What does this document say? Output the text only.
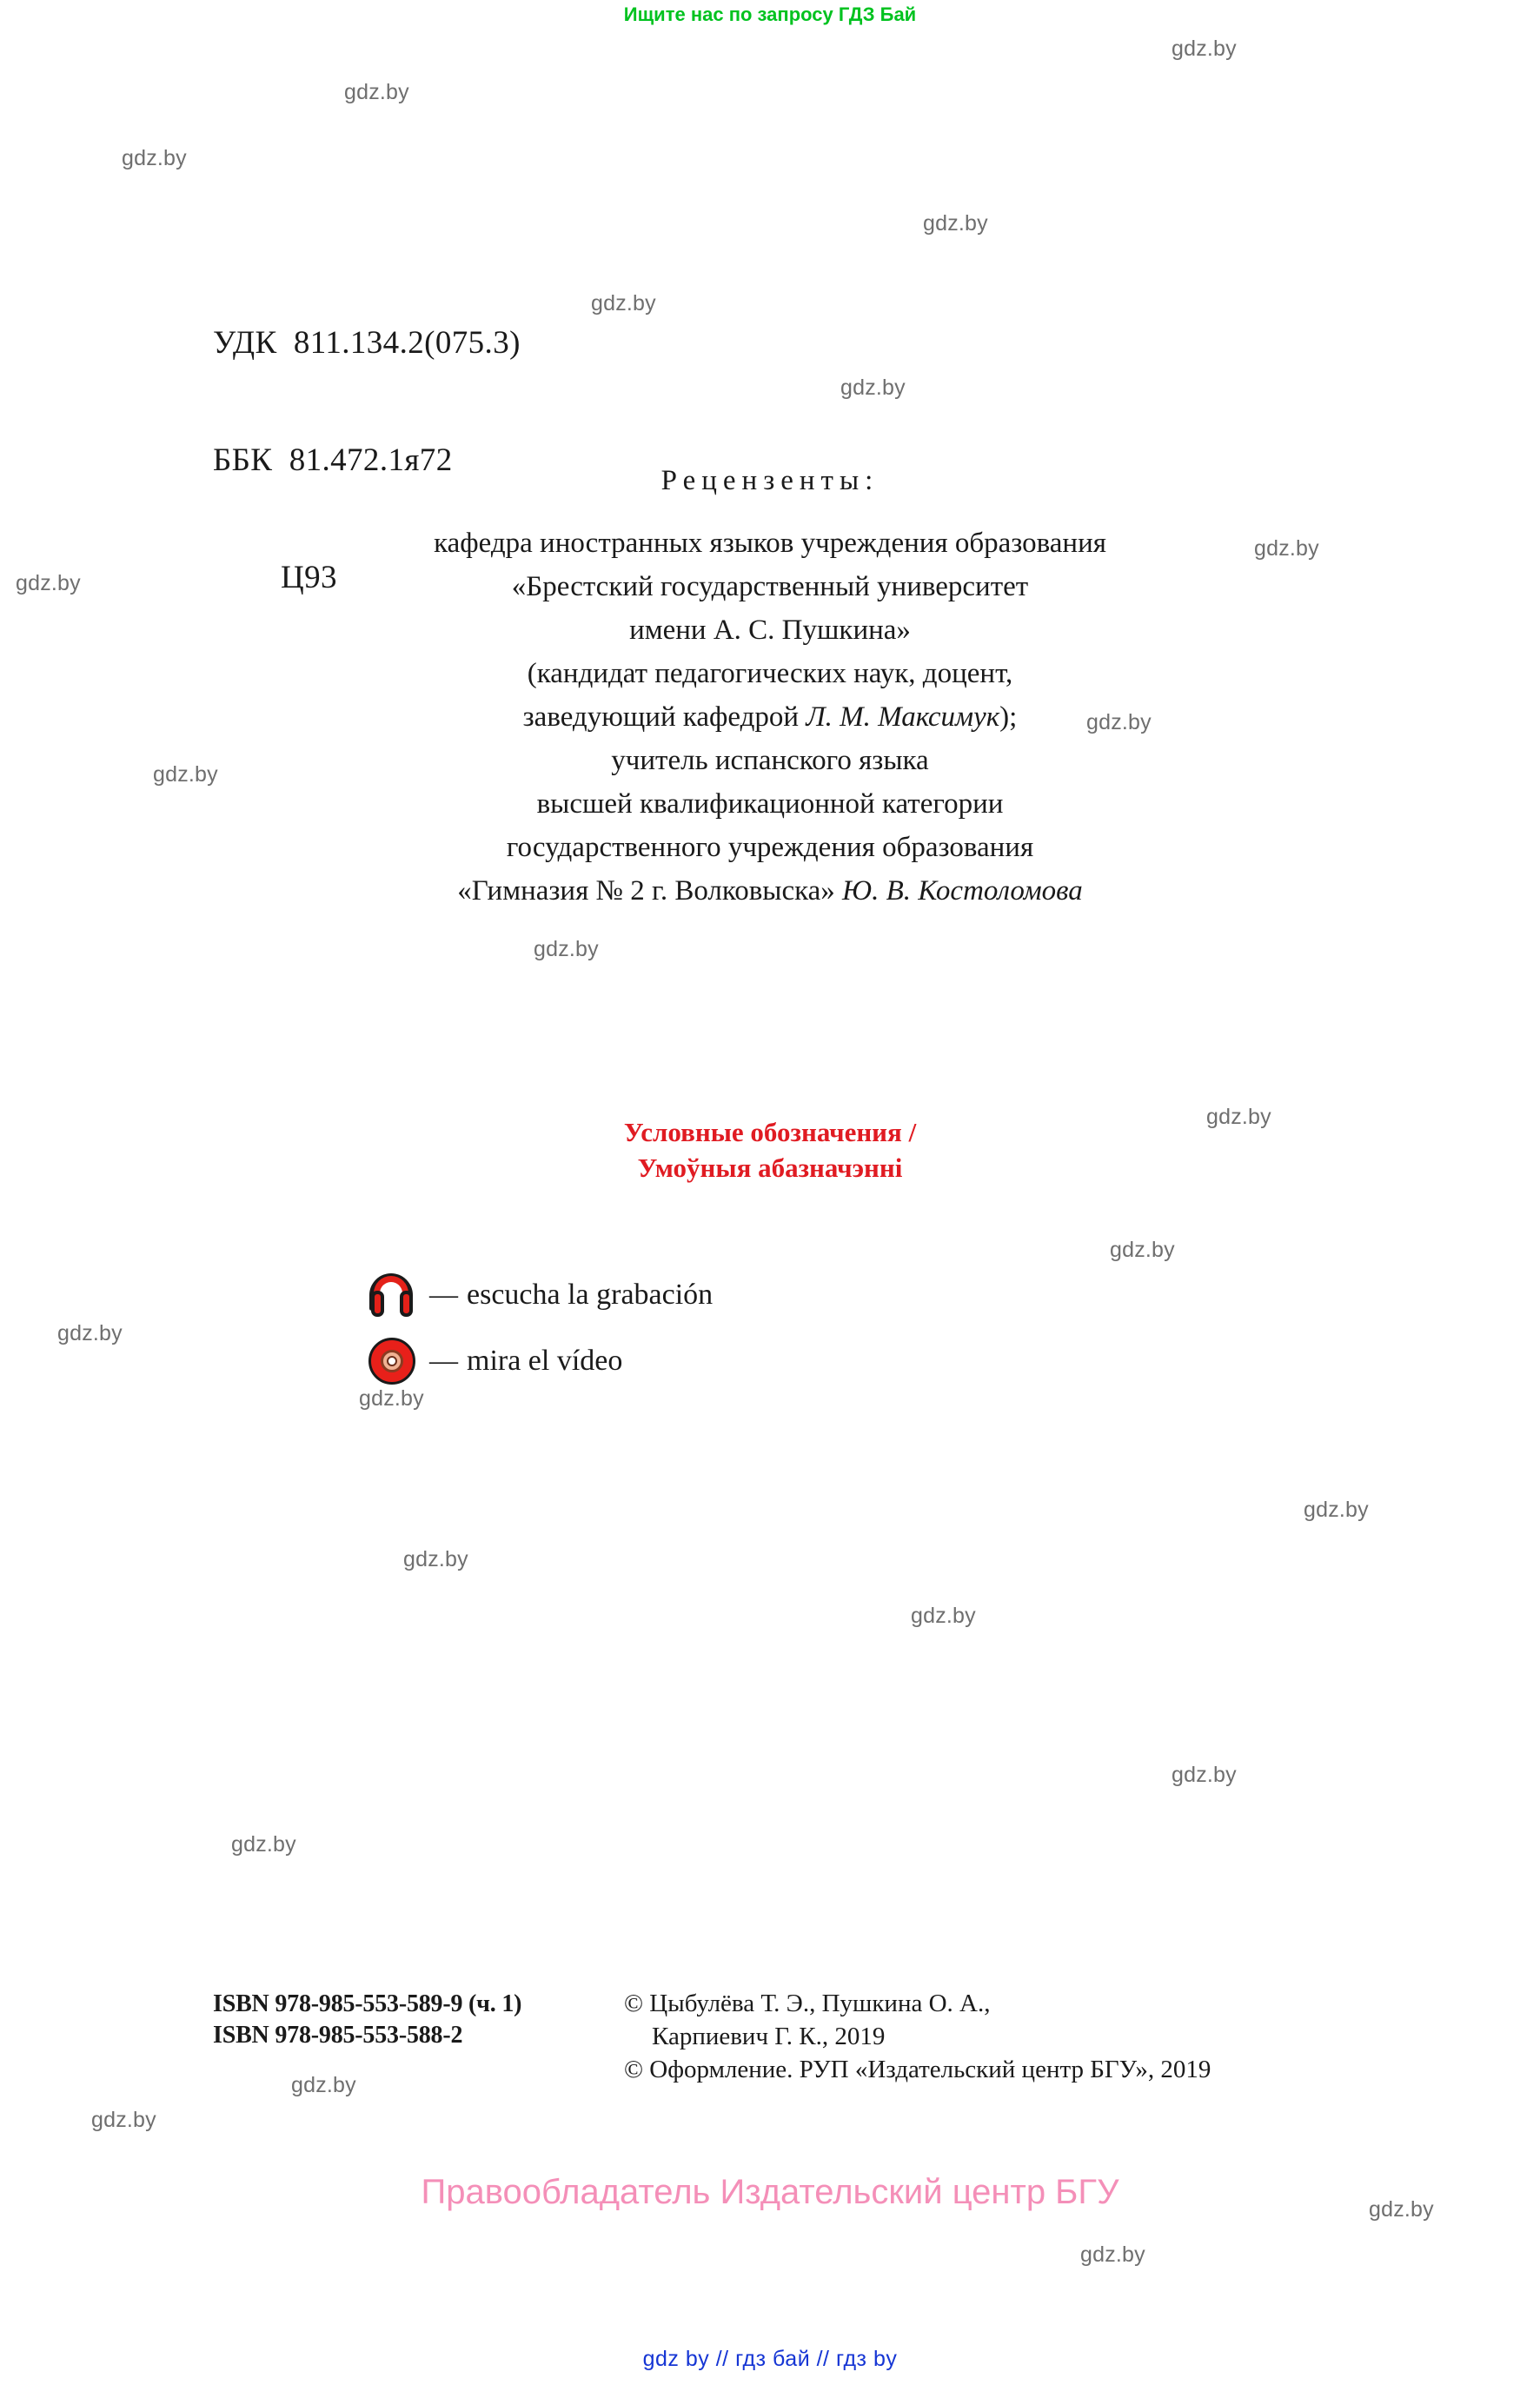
Ищите нас по запросу ГДЗ Бай
gdz.by
gdz.by
gdz.by
gdz.by
gdz.by
gdz.by
gdz.by
gdz.by
gdz.by
gdz.by
gdz.by
gdz.by
gdz.by
gdz.by
gdz.by
gdz.by
gdz.by
gdz.by
gdz.by
gdz.by
gdz.by
gdz.by
gdz.by
gdz.by

УДК 811.134.2(075.3)

ББК 81.472.1я72

Ц93

Рецензенты:
кафедра иностранных языков учреждения образования
«Брестский государственный университет
имени А. С. Пушкина»
(кандидат педагогических наук, доцент,
заведующий кафедрой Л. М. Максимук);
учитель испанского языка
высшей квалификационной категории
государственного учреждения образования
«Гимназия № 2 г. Волковыска» Ю. В. Костоломова
Условные обозначения /
Умоўныя абазначэнні
— escucha la grabación
— mira el vídeo
ISBN 978-985-553-589-9 (ч. 1)
ISBN 978-985-553-588-2
© Цыбулёва Т. Э., Пушкина О. А.,
Карпиевич Г. К., 2019
© Оформление. РУП «Издательский центр БГУ», 2019
Правообладатель Издательский центр БГУ
gdz by // гдз бай // гдз by
